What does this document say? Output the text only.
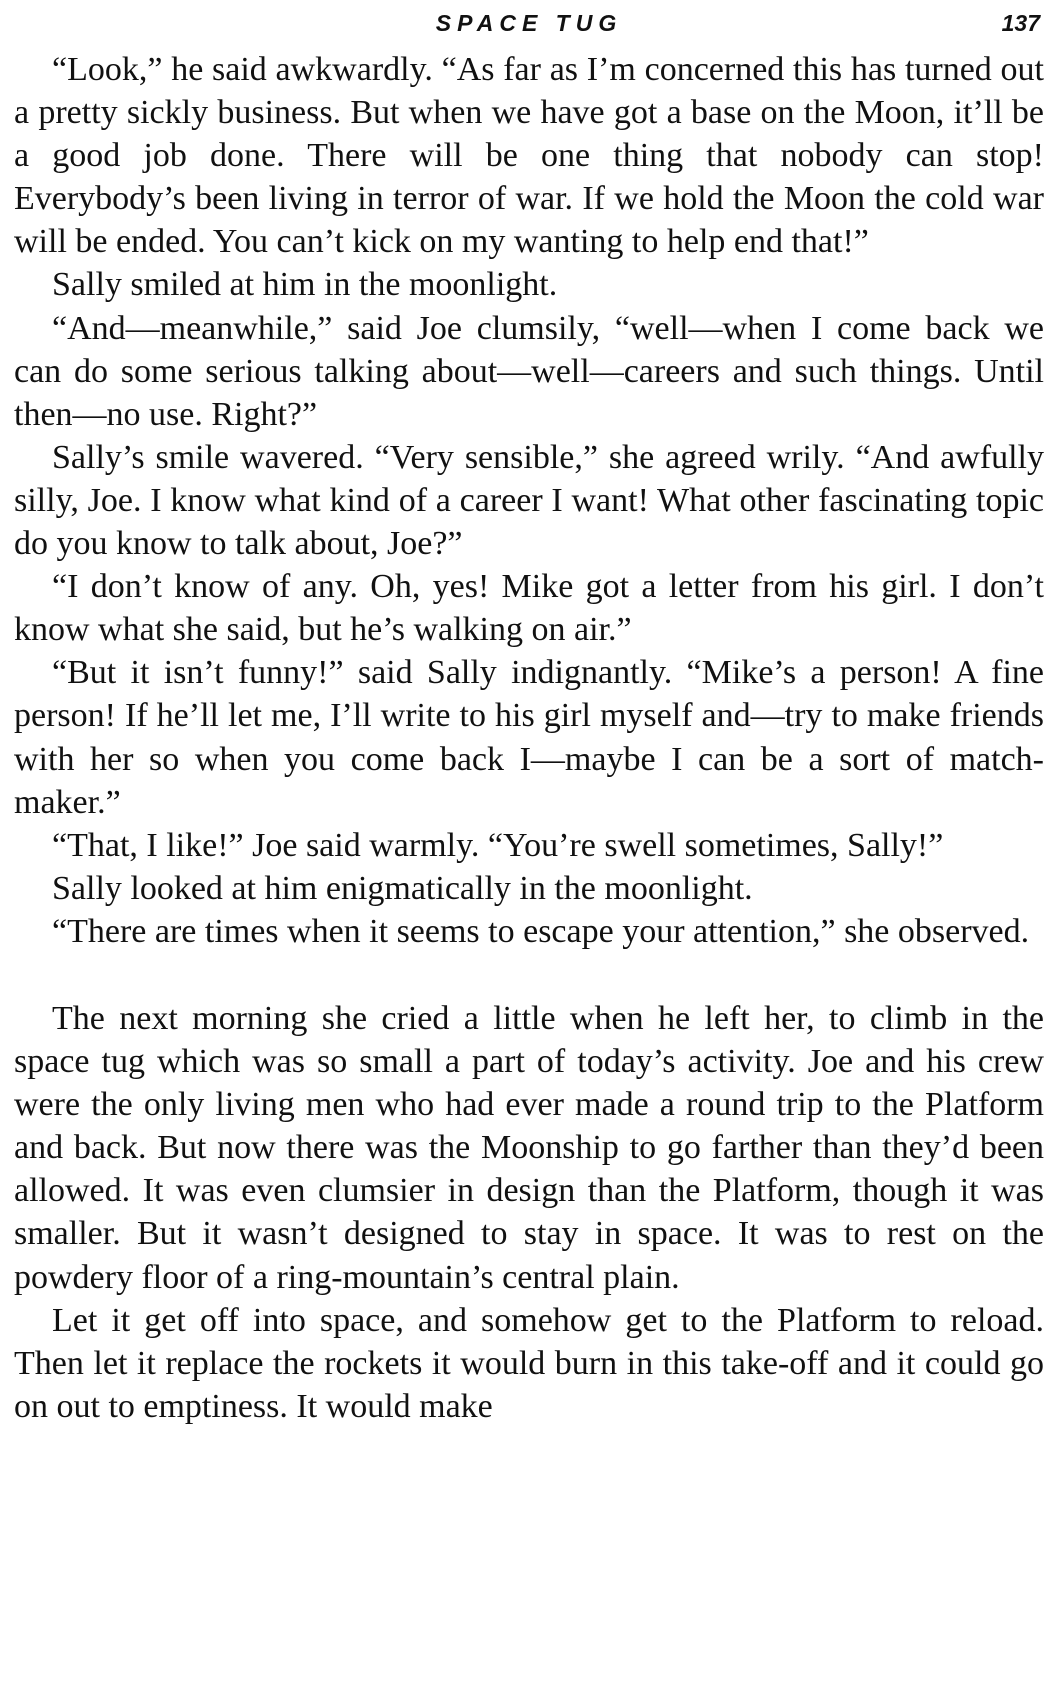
SPACE TUG	137

“Look,” he said awkwardly. “As far as I’m concerned this has turned out a pretty sickly business. But when we have got a base on the Moon, it’ll be a good job done. There will be one thing that nobody can stop! Everybody’s been living in terror of war. If we hold the Moon the cold war will be ended. You can’t kick on my wanting to help end that!”

Sally smiled at him in the moonlight.

“And—meanwhile,” said Joe clumsily, “well—when I come back we can do some serious talking about—well—careers and such things. Until then—no use. Right?”

Sally’s smile wavered. “Very sensible,” she agreed wrily. “And awfully silly, Joe. I know what kind of a career I want! What other fascinating topic do you know to talk about, Joe?”

“I don’t know of any. Oh, yes! Mike got a letter from his girl. I don’t know what she said, but he’s walking on air.”

“But it isn’t funny!” said Sally indignantly. “Mike’s a person! A fine person! If he’ll let me, I’ll write to his girl myself and—try to make friends with her so when you come back I—maybe I can be a sort of match-maker.”

“That, I like!” Joe said warmly. “You’re swell sometimes, Sally!”

Sally looked at him enigmatically in the moonlight.

“There are times when it seems to escape your attention,” she observed.

The next morning she cried a little when he left her, to climb in the space tug which was so small a part of today’s activity. Joe and his crew were the only living men who had ever made a round trip to the Platform and back. But now there was the Moonship to go farther than they’d been allowed. It was even clumsier in design than the Platform, though it was smaller. But it wasn’t designed to stay in space. It was to rest on the powdery floor of a ring-mountain’s central plain.

Let it get off into space, and somehow get to the Platform to reload. Then let it replace the rockets it would burn in this take-off and it could go on out to emptiness. It would make
